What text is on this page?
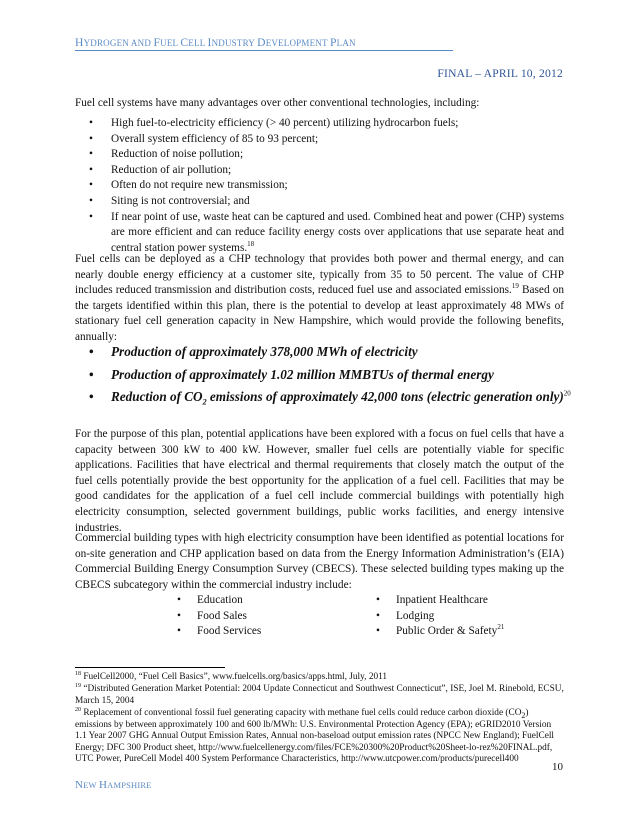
HYDROGEN AND FUEL CELL INDUSTRY DEVELOPMENT PLAN
FINAL – APRIL 10, 2012

Fuel cell systems have many advantages over other conventional technologies, including:

• High fuel-to-electricity efficiency (> 40 percent) utilizing hydrocarbon fuels;
• Overall system efficiency of 85 to 93 percent;
• Reduction of noise pollution;
• Reduction of air pollution;
• Often do not require new transmission;
• Siting is not controversial; and
• If near point of use, waste heat can be captured and used. Combined heat and power (CHP) systems are more efficient and can reduce facility energy costs over applications that use separate heat and central station power systems.$^{18}$

Fuel cells can be deployed as a CHP technology that provides both power and thermal energy, and can nearly double energy efficiency at a customer site, typically from 35 to 50 percent. The value of CHP includes reduced transmission and distribution costs, reduced fuel use and associated emissions.$^{19}$ Based on the targets identified within this plan, there is the potential to develop at least approximately 48 MWs of stationary fuel cell generation capacity in New Hampshire, which would provide the following benefits, annually:

• Production of approximately 378,000 MWh of electricity
• Production of approximately 1.02 million MMBTUs of thermal energy
• Reduction of $CO_2$ emissions of approximately 42,000 tons (electric generation only)$^{20}$

For the purpose of this plan, potential applications have been explored with a focus on fuel cells that have a capacity between 300 kW to 400 kW. However, smaller fuel cells are potentially viable for specific applications. Facilities that have electrical and thermal requirements that closely match the output of the fuel cells potentially provide the best opportunity for the application of a fuel cell. Facilities that may be good candidates for the application of a fuel cell include commercial buildings with potentially high electricity consumption, selected government buildings, public works facilities, and energy intensive industries.

Commercial building types with high electricity consumption have been identified as potential locations for on-site generation and CHP application based on data from the Energy Information Administration’s (EIA) Commercial Building Energy Consumption Survey (CBECS). These selected building types making up the CBECS subcategory within the commercial industry include:

• Education
• Food Sales
• Food Services
• Inpatient Healthcare
• Lodging
• Public Order & Safety$^{21}$

$^{18}$ FuelCell2000, “Fuel Cell Basics”, www.fuelcells.org/basics/apps.html, July, 2011

$^{19}$ “Distributed Generation Market Potential: 2004 Update Connecticut and Southwest Connecticut”, ISE, Joel M. Rinebold, ECSU, March 15, 2004

$^{20}$ Replacement of conventional fossil fuel generating capacity with methane fuel cells could reduce carbon dioxide $(CO_2)$ emissions by between approximately 100 and 600 lb/MWh: U.S. Environmental Protection Agency (EPA); eGRID2010 Version 1.1 Year 2007 GHG Annual Output Emission Rates, Annual non-baseload output emission rates (NPCC New England); FuelCell Energy; DFC 300 Product sheet, http://www.fuelcellenergy.com/files/FCE%20300%20Product%20Sheet-lo-rez%20FINAL.pdf, UTC Power, PureCell Model 400 System Performance Characteristics, http://www.utcpower.com/products/purecell400

10
NEW HAMPSHIRE
